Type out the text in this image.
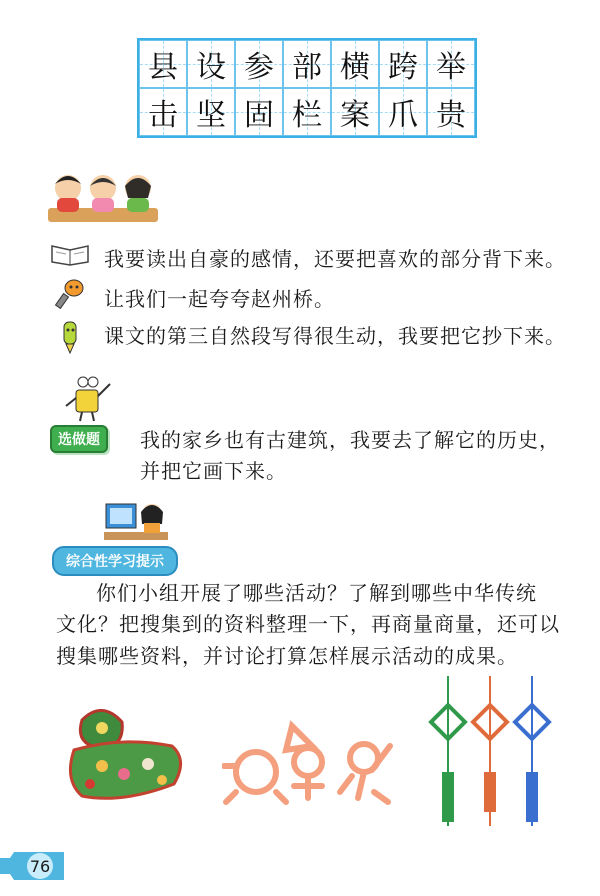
县 设 参 部 横 跨 举
击 坚 固 栏 案 爪 贵
我要读出自豪的感情，还要把喜欢的部分背下来。
让我们一起夸夸赵州桥。
课文的第三自然段写得很生动，我要把它抄下来。
选做题	我的家乡也有古建筑，我要去了解它的历史，
并把它画下来。
综合性学习提示
你们小组开展了哪些活动？了解到哪些中华传统
文化？把搜集到的资料整理一下，再商量商量，还可以
搜集哪些资料，并讨论打算怎样展示活动的成果。
76
